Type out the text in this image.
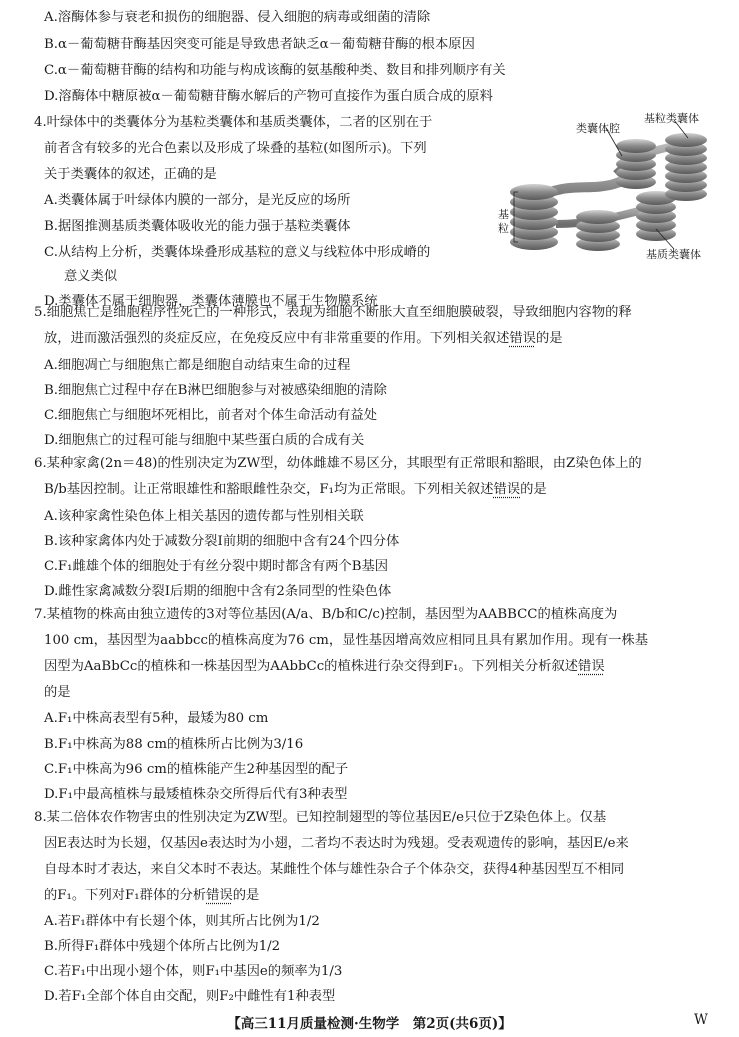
A.溶酶体参与衰老和损伤的细胞器、侵入细胞的病毒或细菌的清除
B.α－葡萄糖苷酶基因突变可能是导致患者缺乏α－葡萄糖苷酶的根本原因
C.α－葡萄糖苷酶的结构和功能与构成该酶的氨基酸种类、数目和排列顺序有关
D.溶酶体中糖原被α－葡萄糖苷酶水解后的产物可直接作为蛋白质合成的原料
4.叶绿体中的类囊体分为基粒类囊体和基质类囊体，二者的区别在于
前者含有较多的光合色素以及形成了垛叠的基粒(如图所示)。下列
关于类囊体的叙述，正确的是
A.类囊体属于叶绿体内膜的一部分，是光反应的场所
B.据图推测基质类囊体吸收光的能力强于基粒类囊体
C.从结构上分析，类囊体垛叠形成基粒的意义与线粒体中形成嵴的
意义类似
D.类囊体不属于细胞器，类囊体薄膜也不属于生物膜系统
类囊体腔
基粒类囊体
基粒
基质类囊体
5.细胞焦亡是细胞程序性死亡的一种形式，表现为细胞不断胀大直至细胞膜破裂，导致细胞内容物的释
放，进而激活强烈的炎症反应，在免疫反应中有非常重要的作用。下列相关叙述错误的是
A.细胞凋亡与细胞焦亡都是细胞自动结束生命的过程
B.细胞焦亡过程中存在B淋巴细胞参与对被感染细胞的清除
C.细胞焦亡与细胞坏死相比，前者对个体生命活动有益处
D.细胞焦亡的过程可能与细胞中某些蛋白质的合成有关
6.某种家禽(2n＝48)的性别决定为ZW型，幼体雌雄不易区分，其眼型有正常眼和豁眼，由Z染色体上的
B/b基因控制。让正常眼雄性和豁眼雌性杂交，F₁均为正常眼。下列相关叙述错误的是
A.该种家禽性染色体上相关基因的遗传都与性别相关联
B.该种家禽体内处于减数分裂Ⅰ前期的细胞中含有24个四分体
C.F₁雌雄个体的细胞处于有丝分裂中期时都含有两个B基因
D.雌性家禽减数分裂Ⅰ后期的细胞中含有2条同型的性染色体
7.某植物的株高由独立遗传的3对等位基因(A/a、B/b和C/c)控制，基因型为AABBCC的植株高度为
100 cm，基因型为aabbcc的植株高度为76 cm，显性基因增高效应相同且具有累加作用。现有一株基
因型为AaBbCc的植株和一株基因型为AAbbCc的植株进行杂交得到F₁。下列相关分析叙述错误
的是
A.F₁中株高表型有5种，最矮为80 cm
B.F₁中株高为88 cm的植株所占比例为3/16
C.F₁中株高为96 cm的植株能产生2种基因型的配子
D.F₁中最高植株与最矮植株杂交所得后代有3种表型
8.某二倍体农作物害虫的性别决定为ZW型。已知控制翅型的等位基因E/e只位于Z染色体上。仅基
因E表达时为长翅，仅基因e表达时为小翅，二者均不表达时为残翅。受表观遗传的影响，基因E/e来
自母本时才表达，来自父本时不表达。某雌性个体与雄性杂合子个体杂交，获得4种基因型互不相同
的F₁。下列对F₁群体的分析错误的是
A.若F₁群体中有长翅个体，则其所占比例为1/2
B.所得F₁群体中残翅个体所占比例为1/2
C.若F₁中出现小翅个体，则F₁中基因e的频率为1/3
D.若F₁全部个体自由交配，则F₂中雌性有1种表型
【高三11月质量检测·生物学　第2页(共6页)】	W
